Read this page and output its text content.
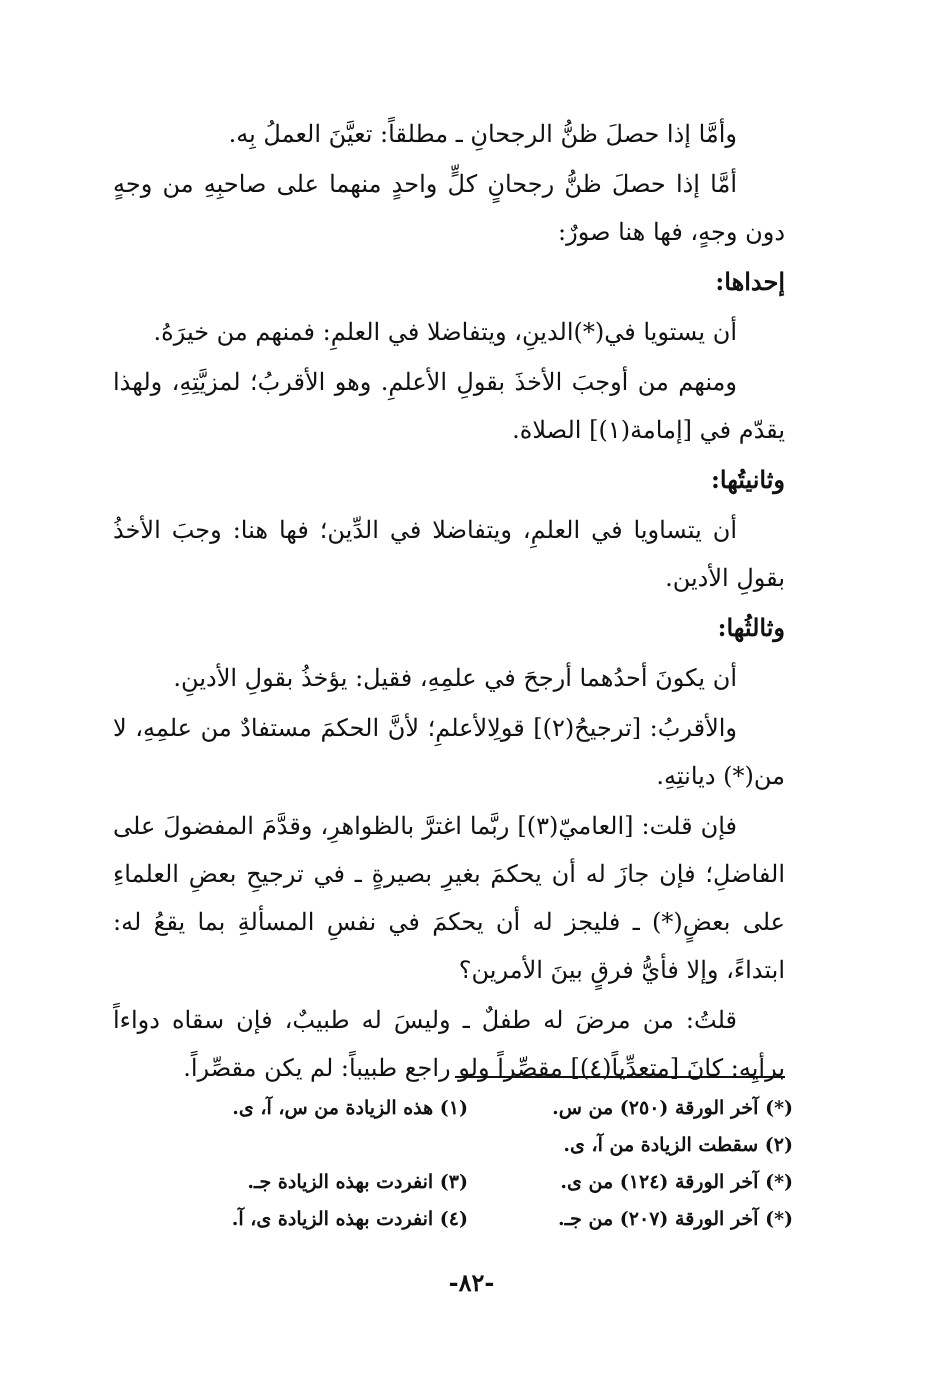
وأمَّا إذا حصلَ ظنُّ الرجحانِ ـ مطلقاً: تعيَّنَ العملُ بِه.

أمَّا إذا حصلَ ظنُّ رجحانٍ كلٍّ واحدٍ منهما على صاحبِهِ من وجهٍ دون وجهٍ، فها هنا صورٌ:

إحداها:

أن يستويا في(*)الدينِ، ويتفاضلا في العلمِ: فمنهم من خيرَهُ.

ومنهم من أوجبَ الأخذَ بقولِ الأعلمِ. وهو الأقربُ؛ لمزيَّتِهِ، ولهذا يقدّم في [إمامة(١)] الصلاة.

وثانيتُها:

أن يتساويا في العلمِ، ويتفاضلا في الدِّين؛ فها هنا: وجبَ الأخذُ بقولِ الأدين.

وثالثُها:

أن يكونَ أحدُهما أرجحَ في علمِهِ، فقيل: يؤخذُ بقولِ الأدينِ.

والأقربُ: [ترجيحُ(٢)] قولِالأعلمِ؛ لأنَّ الحكمَ مستفادٌ من علمِهِ، لا من(*) ديانتِهِ.

فإن قلت: [العاميّ(٣)] ربَّما اغترَّ بالظواهرِ، وقدَّمَ المفضولَ على الفاضلِ؛ فإن جازَ له أن يحكمَ بغيرِ بصيرةٍ ـ في ترجيحِ بعضِ العلماءِ على بعضٍ(*) ـ فليجز له أن يحكمَ في نفسِ المسألةِ بما يقعُ له: ابتداءً، وإلا فأيُّ فرقٍ بينَ الأمرين؟

قلتُ: من مرضَ له طفلٌ ـ وليسَ له طبيبٌ، فإن سقاه دواءاً برأيِه: كانَ [متعدِّياً(٤)] مقصِّراً ولو راجع طبيباً: لم يكن مقصِّراً.

(*) آخر الورقة (٢٥٠) من س.
(١) هذه الزيادة من س، آ، ى.
(٢) سقطت الزيادة من آ، ى.
(*) آخر الورقة (١٢٤) من ى.
(٣) انفردت بهذه الزيادة جـ.
(*) آخر الورقة (٢٠٧) من جـ.
(٤) انفردت بهذه الزيادة ى، آ.
-٨٢-
